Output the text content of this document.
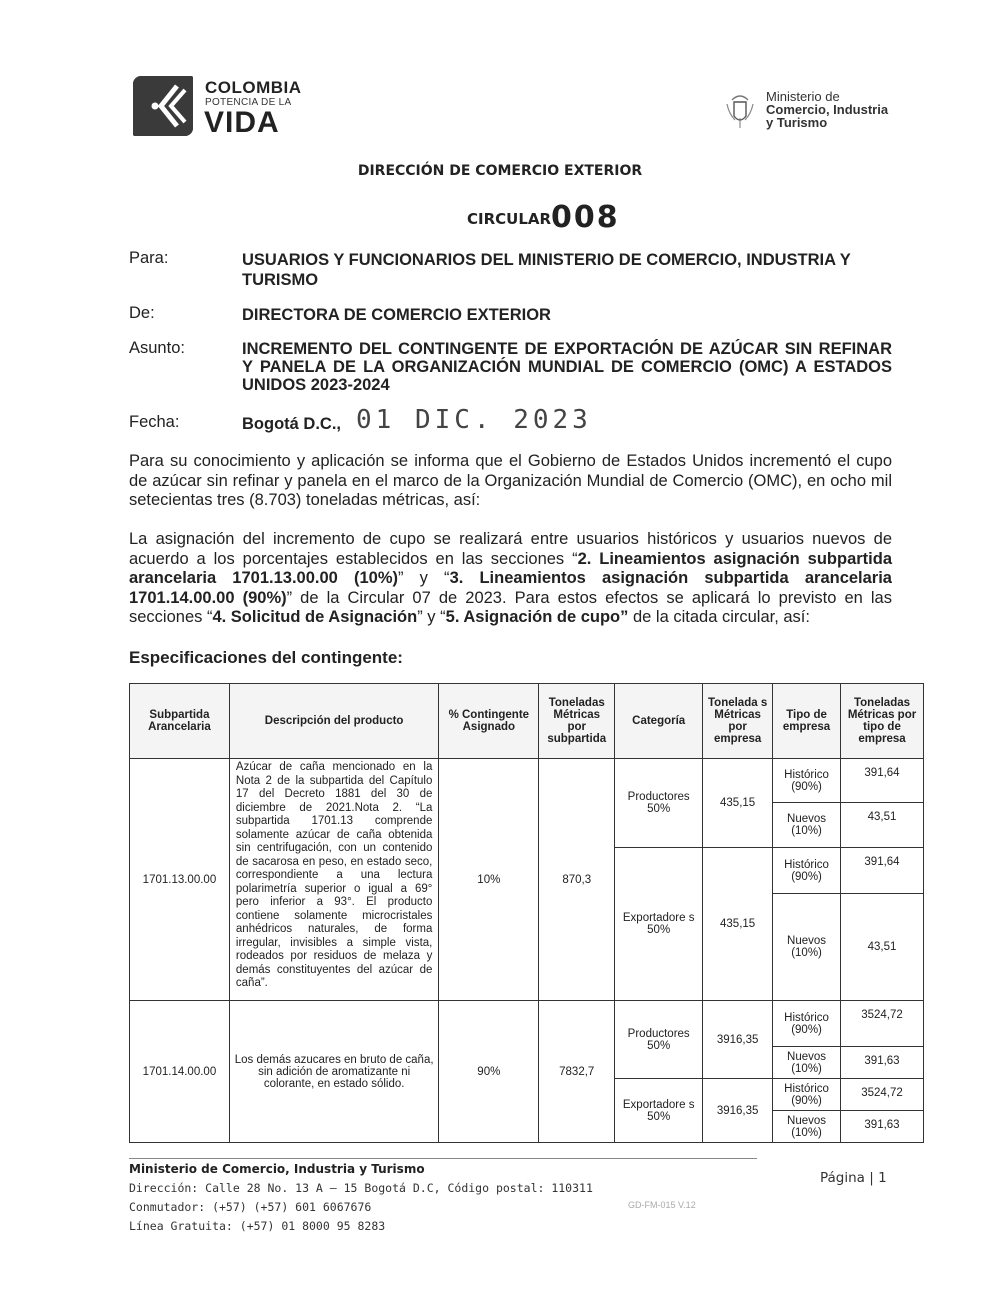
COLOMBIA
POTENCIA DE LA
VIDA
Ministerio de
Comercio, Industria
y Turismo
DIRECCIÓN DE COMERCIO EXTERIOR
CIRCULAR008
Para:	USUARIOS Y FUNCIONARIOS DEL MINISTERIO DE COMERCIO, INDUSTRIA Y TURISMO
De:	DIRECTORA DE COMERCIO EXTERIOR
Asunto:	INCREMENTO DEL CONTINGENTE DE EXPORTACIÓN DE AZÚCAR SIN REFINAR Y PANELA DE LA ORGANIZACIÓN MUNDIAL DE COMERCIO (OMC) A ESTADOS UNIDOS 2023-2024
Fecha:	Bogotá D.C., 01 DIC. 2023
Para su conocimiento y aplicación se informa que el Gobierno de Estados Unidos incrementó el cupo de azúcar sin refinar y panela en el marco de la Organización Mundial de Comercio (OMC), en ocho mil setecientas tres (8.703) toneladas métricas, así:
La asignación del incremento de cupo se realizará entre usuarios históricos y usuarios nuevos de acuerdo a los porcentajes establecidos en las secciones “2. Lineamientos asignación subpartida arancelaria 1701.13.00.00 (10%)” y “3. Lineamientos asignación subpartida arancelaria 1701.14.00.00 (90%)” de la Circular 07 de 2023. Para estos efectos se aplicará lo previsto en las secciones “4. Solicitud de Asignación” y “5. Asignación de cupo” de la citada circular, así:
Especificaciones del contingente:
Subpartida Arancelaria	Descripción del producto	% Contingente Asignado	Toneladas Métricas por subpartida	Categoría	Tonelada s Métricas por empresa	Tipo de empresa	Toneladas Métricas por tipo de empresa
1701.13.00.00	Azúcar de caña mencionado en la Nota 2 de la subpartida del Capítulo 17 del Decreto 1881 del 30 de diciembre de 2021.Nota 2. “La subpartida 1701.13 comprende solamente azúcar de caña obtenida sin centrifugación, con un contenido de sacarosa en peso, en estado seco, correspondiente a una lectura polarimetría superior o igual a 69° pero inferior a 93°. El producto contiene solamente microcristales anhédricos naturales, de forma irregular, invisibles a simple vista, rodeados por residuos de melaza y demás constituyentes del azúcar de caña”.	10%	870,3	Productores 50%	435,15	Histórico (90%)	391,64
						Nuevos (10%)	43,51
				Exportadore s 50%	435,15	Histórico (90%)	391,64
						Nuevos (10%)	43,51
1701.14.00.00	Los demás azucares en bruto de caña, sin adición de aromatizante ni colorante, en estado sólido.	90%	7832,7	Productores 50%	3916,35	Histórico (90%)	3524,72
						Nuevos (10%)	391,63
				Exportadore s 50%	3916,35	Histórico (90%)	3524,72
						Nuevos (10%)	391,63
Ministerio de Comercio, Industria y Turismo
Dirección: Calle 28 No. 13 A – 15 Bogotá D.C, Código postal: 110311
Conmutador: (+57) (+57) 601 6067676
Línea Gratuita: (+57) 01 8000 95 8283
Página | 1
GD-FM-015 V.12
